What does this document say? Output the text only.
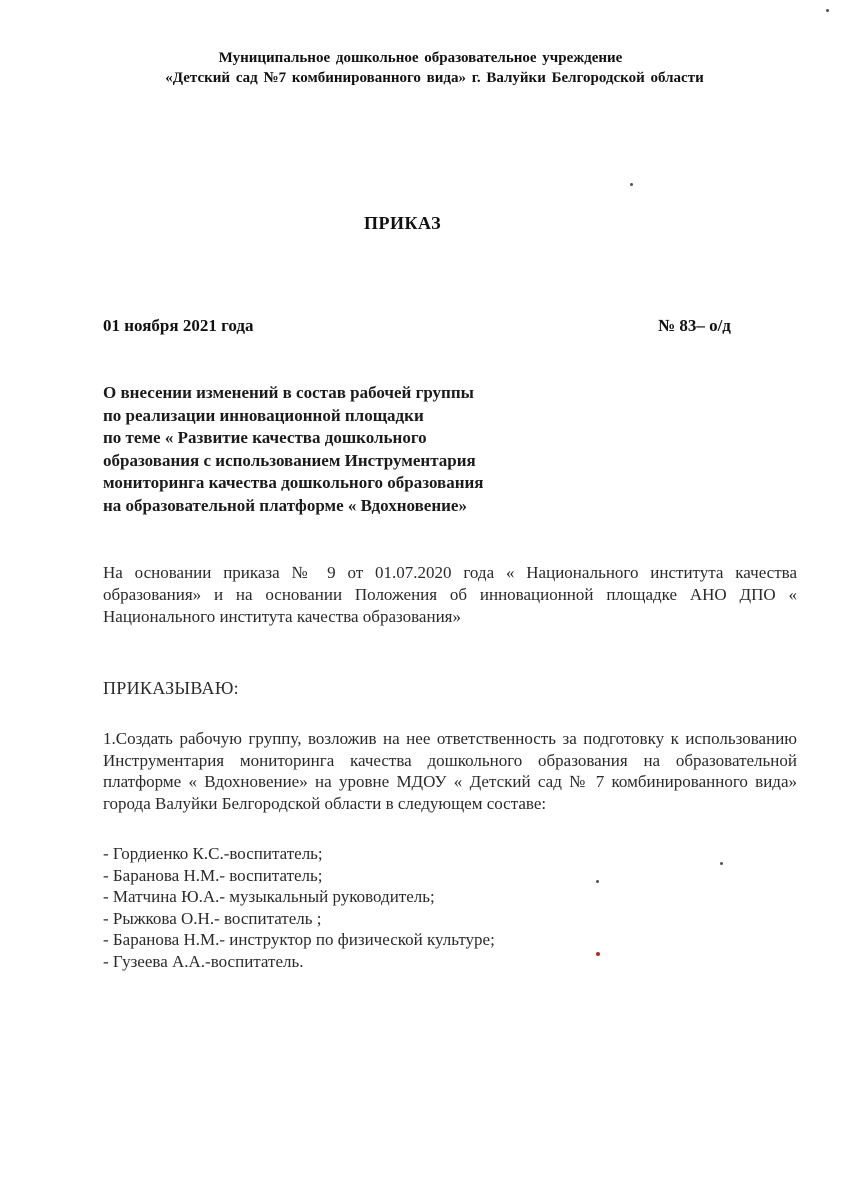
Муниципальное дошкольное образовательное учреждение
«Детский сад №7 комбинированного вида» г. Валуйки Белгородской области
ПРИКАЗ
01 ноября 2021 года	№ 83– о/д
О внесении изменений в состав рабочей группы
по реализации инновационной площадки
по теме « Развитие качества дошкольного
образования с использованием Инструментария
мониторинга качества дошкольного образования
на образовательной платформе « Вдохновение»
На основании приказа № 9 от 01.07.2020 года « Национального института качества образования» и на основании Положения об инновационной площадке АНО ДПО « Национального института качества образования»
ПРИКАЗЫВАЮ:
1.Создать рабочую группу, возложив на нее ответственность за подготовку к использованию Инструментария мониторинга качества дошкольного образования на образовательной платформе « Вдохновение» на уровне МДОУ « Детский сад № 7 комбинированного вида» города Валуйки Белгородской области в следующем составе:
- Гордиенко К.С.-воспитатель;
- Баранова Н.М.- воспитатель;
- Матчина Ю.А.- музыкальный руководитель;
- Рыжкова О.Н.- воспитатель ;
- Баранова Н.М.- инструктор по физической культуре;
- Гузеева А.А.-воспитатель.
